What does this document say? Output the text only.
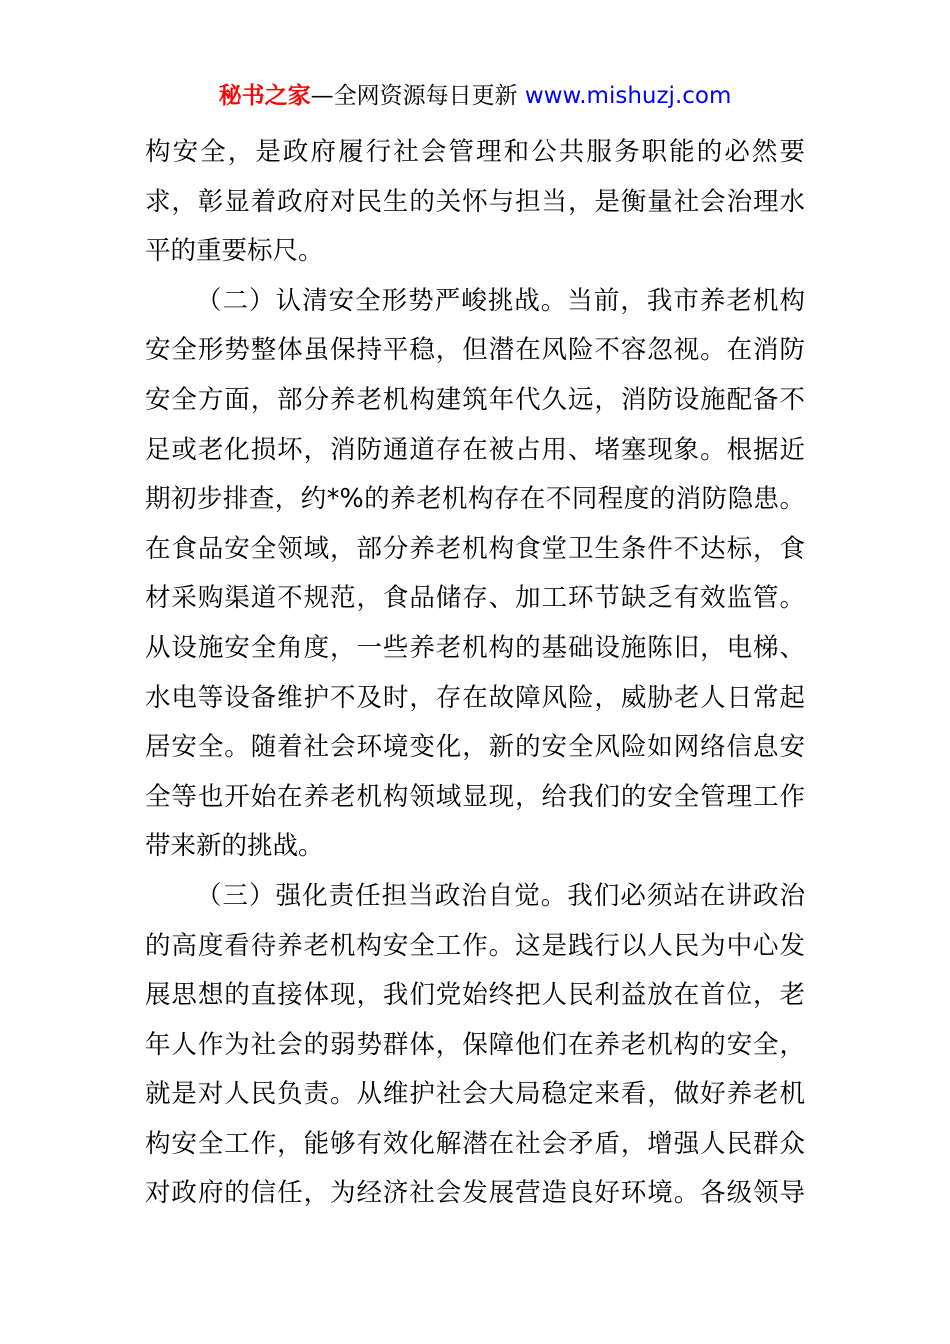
秘书之家—全网资源每日更新 www.mishuzj.com
构安全，是政府履行社会管理和公共服务职能的必然要
求，彰显着政府对民生的关怀与担当，是衡量社会治理水
平的重要标尺。
（二）认清安全形势严峻挑战。当前，我市养老机构
安全形势整体虽保持平稳，但潜在风险不容忽视。在消防
安全方面，部分养老机构建筑年代久远，消防设施配备不
足或老化损坏，消防通道存在被占用、堵塞现象。根据近
期初步排查，约*%的养老机构存在不同程度的消防隐患。
在食品安全领域，部分养老机构食堂卫生条件不达标，食
材采购渠道不规范，食品储存、加工环节缺乏有效监管。
从设施安全角度，一些养老机构的基础设施陈旧，电梯、
水电等设备维护不及时，存在故障风险，威胁老人日常起
居安全。随着社会环境变化，新的安全风险如网络信息安
全等也开始在养老机构领域显现，给我们的安全管理工作
带来新的挑战。
（三）强化责任担当政治自觉。我们必须站在讲政治
的高度看待养老机构安全工作。这是践行以人民为中心发
展思想的直接体现，我们党始终把人民利益放在首位，老
年人作为社会的弱势群体，保障他们在养老机构的安全，
就是对人民负责。从维护社会大局稳定来看，做好养老机
构安全工作，能够有效化解潜在社会矛盾，增强人民群众
对政府的信任，为经济社会发展营造良好环境。各级领导
